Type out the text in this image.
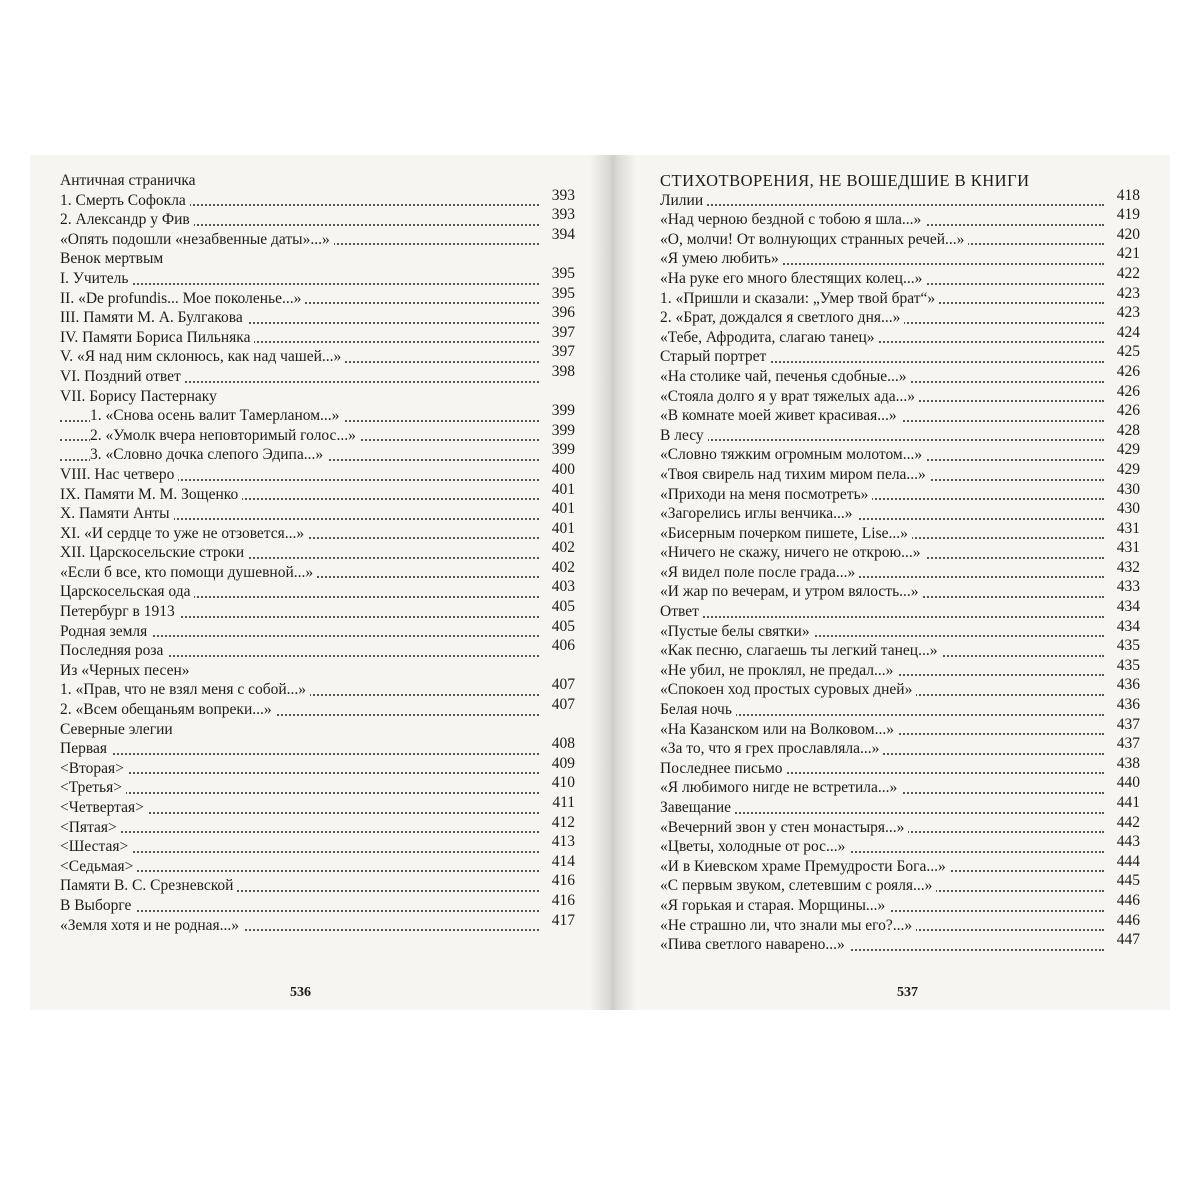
Античная страничка
1. Смерть Софокла	393
2. Александр у Фив	393
«Опять подошли «незабвенные даты»...»	394
Венок мертвым
I. Учитель	395
II. «De profundis... Мое поколенье...»	395
III. Памяти М. А. Булгакова	396
IV. Памяти Бориса Пильняка	397
V. «Я над ним склонюсь, как над чашей...»	397
VI. Поздний ответ	398
VII. Борису Пастернаку
1. «Снова осень валит Тамерланом...»	399
2. «Умолк вчера неповторимый голос...»	399
3. «Словно дочка слепого Эдипа...»	399
VIII. Нас четверо	400
IX. Памяти М. М. Зощенко	401
X. Памяти Анты	401
XI. «И сердце то уже не отзовется...»	401
XII. Царскосельские строки	402
«Если б все, кто помощи душевной...»	402
Царскосельская ода	403
Петербург в 1913	405
Родная земля	405
Последняя роза	406
Из «Черных песен»
1. «Прав, что не взял меня с собой...»	407
2. «Всем обещаньям вопреки...»	407
Северные элегии
Первая	408
<Вторая>	409
<Третья>	410
<Четвертая>	411
<Пятая>	412
<Шестая>	413
<Седьмая>	414
Памяти В. С. Срезневской	416
В Выборге	416
«Земля хотя и не родная...»	417
536
СТИХОТВОРЕНИЯ, НЕ ВОШЕДШИЕ В КНИГИ
Лилии	418
«Над черною бездной с тобою я шла...»	419
«О, молчи! От волнующих странных речей...»	420
«Я умею любить»	421
«На руке его много блестящих колец...»	422
1. «Пришли и сказали: „Умер твой брат“»	423
2. «Брат, дождался я светлого дня...»	423
«Тебе, Афродита, слагаю танец»	424
Старый портрет	425
«На столике чай, печенья сдобные...»	426
«Стояла долго я у врат тяжелых ада...»	426
«В комнате моей живет красивая...»	426
В лесу	428
«Словно тяжким огромным молотом...»	429
«Твоя свирель над тихим миром пела...»	429
«Приходи на меня посмотреть»	430
«Загорелись иглы венчика...»	430
«Бисерным почерком пишете, Lise...»	431
«Ничего не скажу, ничего не открою...»	431
«Я видел поле после града...»	432
«И жар по вечерам, и утром вялость...»	433
Ответ	434
«Пустые белы святки»	434
«Как песню, слагаешь ты легкий танец...»	435
«Не убил, не проклял, не предал...»	435
«Спокоен ход простых суровых дней»	436
Белая ночь	436
«На Казанском или на Волковом...»	437
«За то, что я грех прославляла...»	437
Последнее письмо	438
«Я любимого нигде не встретила...»	440
Завещание	441
«Вечерний звон у стен монастыря...»	442
«Цветы, холодные от рос...»	443
«И в Киевском храме Премудрости Бога...»	444
«С первым звуком, слетевшим с рояля...»	445
«Я горькая и старая. Морщины...»	446
«Не страшно ли, что знали мы его?...»	446
«Пива светлого наварено...»	447
537
